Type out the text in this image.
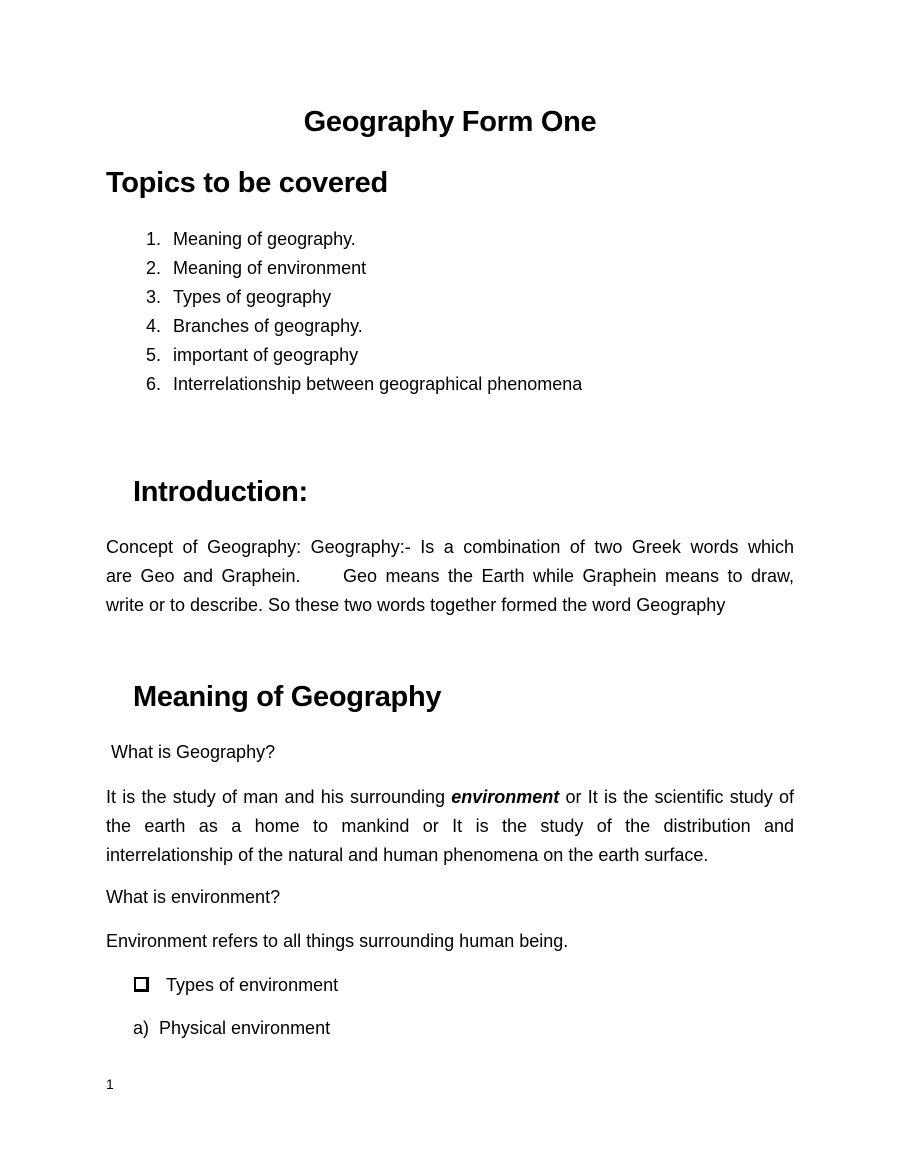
Geography Form One
Topics to be covered
1. Meaning of geography.
2. Meaning of environment
3. Types of geography
4. Branches of geography.
5. important of geography
6. Interrelationship between geographical phenomena
Introduction:
Concept of Geography: Geography:- Is a combination of two Greek words which
are Geo and Graphein.     Geo means the Earth while Graphein means to draw,
write or to describe. So these two words together formed the word Geography
Meaning of Geography
What is Geography?
It is the study of man and his surrounding environment or It is the scientific study of the earth as a home to mankind or It is the study of the distribution and interrelationship of the natural and human phenomena on the earth surface.
What is environment?
Environment refers to all things surrounding human being.
Types of environment
a) Physical environment
1
